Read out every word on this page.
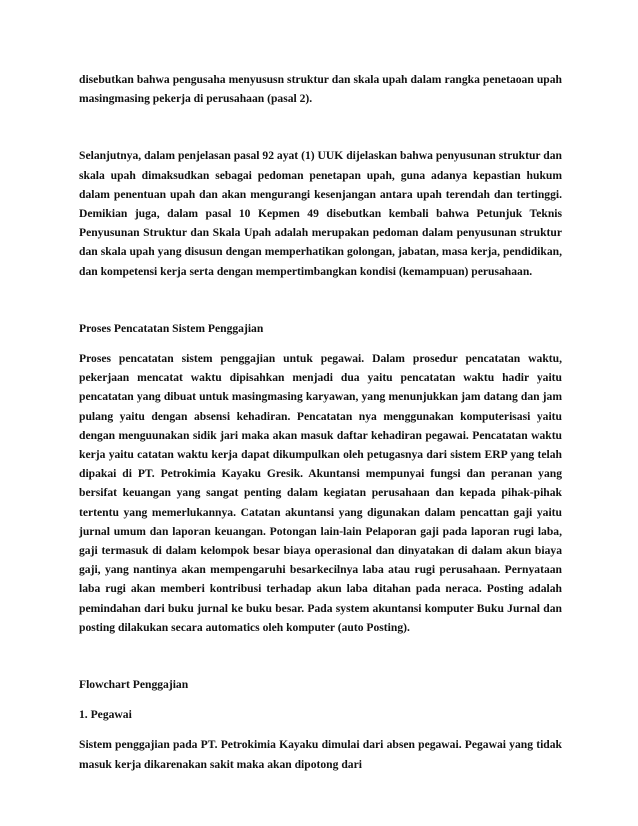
disebutkan bahwa pengusaha menyususn struktur dan skala upah dalam rangka penetaoan upah masingmasing pekerja di perusahaan (pasal 2).

Selanjutnya, dalam penjelasan pasal 92 ayat (1) UUK dijelaskan bahwa penyusunan struktur dan skala upah dimaksudkan sebagai pedoman penetapan upah, guna adanya kepastian hukum dalam penentuan upah dan akan mengurangi kesenjangan antara upah terendah dan tertinggi. Demikian juga, dalam pasal 10 Kepmen 49 disebutkan kembali bahwa Petunjuk Teknis Penyusunan Struktur dan Skala Upah adalah merupakan pedoman dalam penyusunan struktur dan skala upah yang disusun dengan memperhatikan golongan, jabatan, masa kerja, pendidikan, dan kompetensi kerja serta dengan mempertimbangkan kondisi (kemampuan) perusahaan.

Proses Pencatatan Sistem Penggajian

Proses pencatatan sistem penggajian untuk pegawai. Dalam prosedur pencatatan waktu, pekerjaan mencatat waktu dipisahkan menjadi dua yaitu pencatatan waktu hadir yaitu pencatatan yang dibuat untuk masingmasing karyawan, yang menunjukkan jam datang dan jam pulang yaitu dengan absensi kehadiran. Pencatatan nya menggunakan komputerisasi yaitu dengan menguunakan sidik jari maka akan masuk daftar kehadiran pegawai. Pencatatan waktu kerja yaitu catatan waktu kerja dapat dikumpulkan oleh petugasnya dari sistem ERP yang telah dipakai di PT. Petrokimia Kayaku Gresik. Akuntansi mempunyai fungsi dan peranan yang bersifat keuangan yang sangat penting dalam kegiatan perusahaan dan kepada pihak-pihak tertentu yang memerlukannya. Catatan akuntansi yang digunakan dalam pencattan gaji yaitu jurnal umum dan laporan keuangan. Potongan lain-lain Pelaporan gaji pada laporan rugi laba, gaji termasuk di dalam kelompok besar biaya operasional dan dinyatakan di dalam akun biaya gaji, yang nantinya akan mempengaruhi besarkecilnya laba atau rugi perusahaan. Pernyataan laba rugi akan memberi kontribusi terhadap akun laba ditahan pada neraca. Posting adalah pemindahan dari buku jurnal ke buku besar. Pada system akuntansi komputer Buku Jurnal dan posting dilakukan secara automatics oleh komputer (auto Posting).

Flowchart Penggajian

1. Pegawai

Sistem penggajian pada PT. Petrokimia Kayaku dimulai dari absen pegawai. Pegawai yang tidak masuk kerja dikarenakan sakit maka akan dipotong dari
